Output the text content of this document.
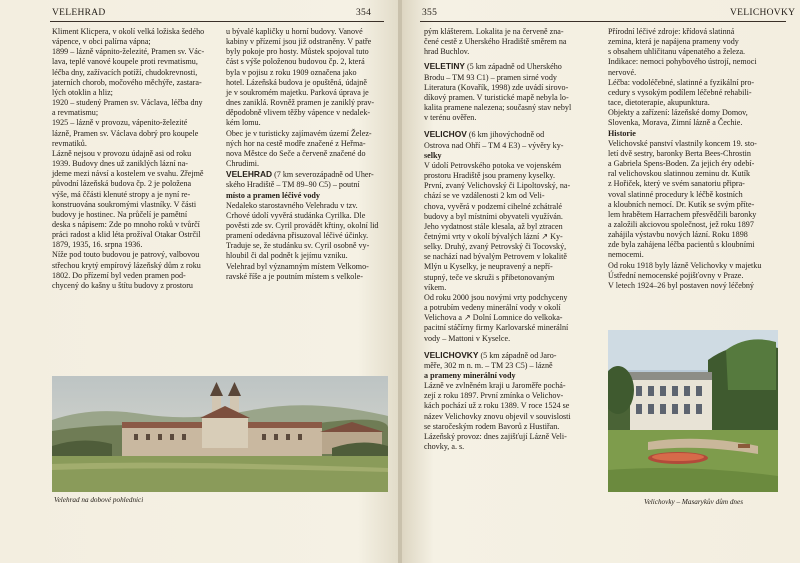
VELEHRAD	354

Kliment Klicpera, v okolí velká ložiska šedého

vápence, v obci palírna vápna;

1899 – lázně vápnito-železité, Pramen sv. Vác-

lava, teplé vanové koupele proti revmatismu,

léčba dny, zažívacích potíží, chudokrevnosti,

jaterních chorob, močového měchýře, zastara-

lých otoklin a hliz;

1920 – studený Pramen sv. Václava, léčba dny

a revmatismu;

1925 – lázně v provozu, vápenito-železité

lázně, Pramen sv. Václava dobrý pro koupele

revmatiků.

Lázně nejsou v provozu údajně asi od roku

1939. Budovy dnes už zaniklých lázní na-

jdeme mezi návsí a kostelem ve svahu. Zřejmě

původní lázeňská budova čp. 2 je položena

výše, má ččásti klenuté stropy a je nyní re-

konstruována soukromými vlastníky. V části

budovy je hostinec. Na průčelí je pamětní

deska s nápisem: Zde po mnoho roků v tvůrčí

práci radost a klid léta prožíval Otakar Ostrčil

1879, 1935, 16. srpna 1936.

Níže pod touto budovou je patrový, valbovou

střechou krytý empírový lázeňský dům z roku

1802. Do přízemí byl veden pramen pod-

chycený do kašny u štítu budovy z prostoru

u bývalé kapličky u horní budovy. Vanové

kabiny v přízemí jsou již odstraněny. V patře

byly pokoje pro hosty. Můstek spojoval tuto

část s výše položenou budovou čp. 2, která

byla v pojisu z roku 1909 označena jako

hotel. Lázeňská budova je opuštěná, údajně

je v soukromém majetku. Parková úprava je

dnes zaniklá. Rovněž pramen je zaniklý prav-

děpodobně vlivem těžby vápence v nedalek-

kém lomu.

Obec je v turisticky zajímavém území Želez-

ných hor na cestě modře značené z Heřma-

nova Městce do Seče a červeně značené do

Chrudimi.

VELEHRAD (7 km severozápadně od Uher-

ského Hradiště – TM 89–90 C5) – poutní

místo a pramen léčivé vody

Nedaleko starostavného Velehradu v tzv.

Crhové údolí vyvěrá studánka Cyrilka. Dle

pověsti zde sv. Cyril provádět křtiny, okolní lid

pramení odedávna přisuzoval léčivé účinky.

Traduje se, že studánku sv. Cyril osobně vy-

hloubil či dal podnět k jejímu vzniku.

Velehrad byl významným místem Velkomo-

ravské říše a je poutním místem s velkole-

Velehrad na dobové pohlednici
355	VELICHOVKY

pým klášterem. Lokalita je na červeně zna-

čené cestě z Uherského Hradiště směrem na

hrad Buchlov.

VELETINY (5 km západně od Uherského

Brodu – TM 93 C1) – pramen sirné vody

Literatura (Kovařík, 1998) zde uvádí sirovo-

díkový pramen. V turistické mapě nebyla lo-

kalita pramene nalezena; současný stav nebyl

v terénu ověřen.

VELICHOV (6 km jihovýchodně od

Ostrova nad Ohří – TM 4 E3) – vývěry ky-

selky

V údolí Petrovského potoka ve vojenském

prostoru Hradiště jsou prameny kyselky.

První, zvaný Velichovský či Lipoltovský, na-

chází se ve vzdálenosti 2 km od Veli-

chova, vyvěrá v podzemí cihelné zchátralé

budovy a byl místními obyvateli využíván.

Jeho vydatnost stále klesala, až byl ztracen

četnými vrty v okolí bývalých lázní ↗ Ky-

selky. Druhý, zvaný Petrovský či Tocovský,

se nachází nad bývalým Petrovem v lokalitě

Mlýn u Kyselky, je neupravený a nepří-

stupný, teče ve skruži s přibetonovaným

víkem.

Od roku 2000 jsou novými vrty podchyceny

a potrubím vedeny minerální vody v okolí

Velichova a ↗ Dolní Lomnice do velkoka-

pacitní stáčírny firmy Karlovarské minerální

vody – Mattoni v Kyselce.

VELICHOVKY (5 km západně od Jaro-

měře, 302 m n. m. – TM 23 C5) – lázně

a prameny minerální vody

Lázně ve zvlněném kraji u Jaroměře pochá-

zejí z roku 1897. První zmínka o Velichov-

kách pochází už z roku 1389. V roce 1524 se

název Velichovky znovu objevil v souvislosti

se staročeským rodem Bavorů z Hustiřan.

Lázeňský provoz: dnes zajišťují Lázně Veli-

chovky, a. s.

Přírodní léčivé zdroje: křídová slatinná

zemina, která je napájena prameny vody

s obsahem uhličitanu vápenatého a železa.

Indikace: nemoci pohybového ústrojí, nemoci

nervové.

Léčba: vodoléčebné, slatinné a fyzikální pro-

cedury s vysokým podílem léčebné rehabili-

tace, dietoterapie, akupunktura.

Objekty a zařízení: lázeňské domy Domov,

Slovenka, Morava, Zimní lázně a Čechie.

Historie

Velichovské panství vlastnily koncem 19. sto-

letí dvě sestry, baronky Berta Bees-Chrostin

a Gabriela Spens-Boden. Za jejich éry odebí-

ral velichovskou slatinnou zeminu dr. Kutík

z Hořiček, který ve svém sanatoriu připra-

voval slatinné procedury k léčbě kostních

a kloubních nemocí. Dr. Kutík se svým příte-

lem hrabětem Harrachem přesvědčili baronky

a založili akciovou společnost, jež roku 1897

zahájila výstavbu nových lázní. Roku 1898

zde byla zahájena léčba pacientů s kloubními

nemocemi.

Od roku 1918 byly lázně Velichovky v majetku

Ústřední nemocenské pojišťovny v Praze.

V letech 1924–26 byl postaven nový léčebný

Velichovky – Masarykův dům dnes
